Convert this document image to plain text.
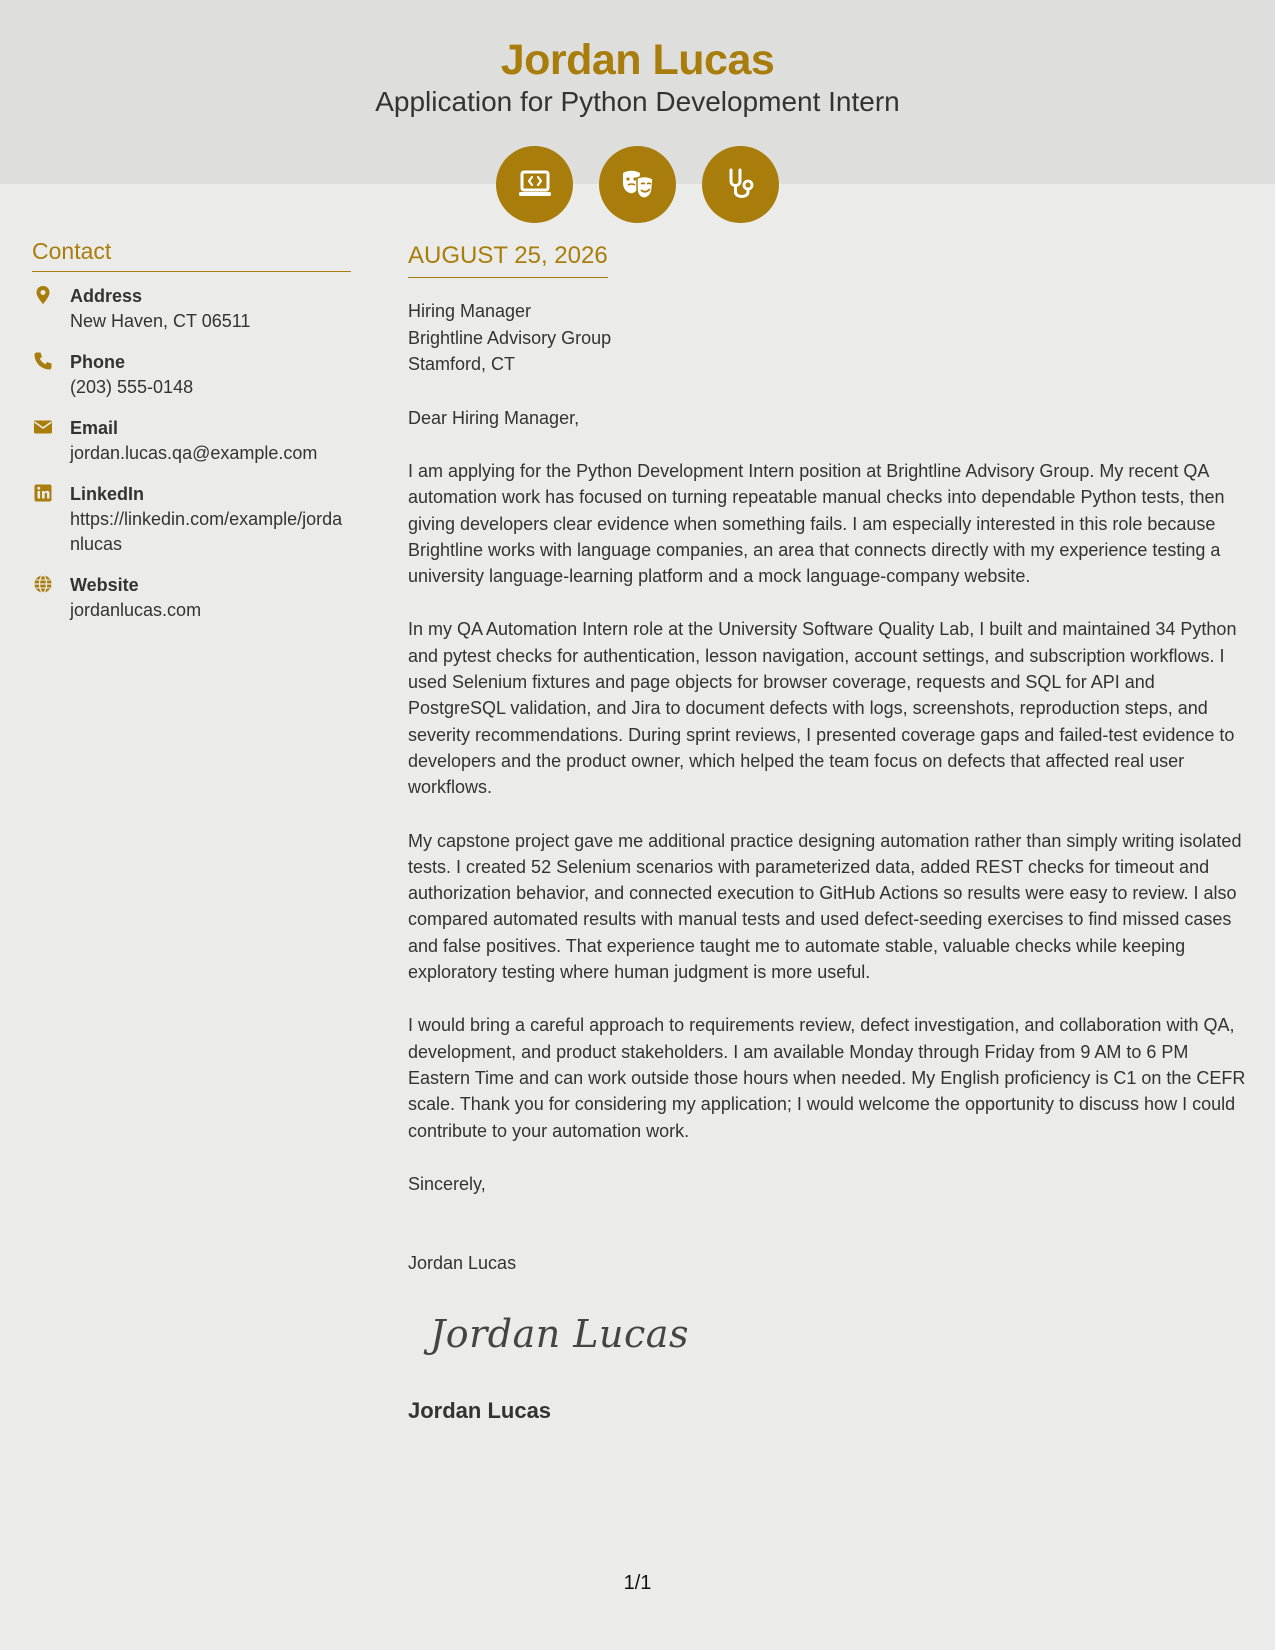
Jordan Lucas
Application for Python Development Intern
Contact
Address
New Haven, CT 06511
Phone
(203) 555-0148
Email
jordan.lucas.qa@example.com
LinkedIn
https://linkedin.com/example/jordanlucas
Website
jordanlucas.com
AUGUST 25, 2026
Hiring Manager
Brightline Advisory Group
Stamford, CT
Dear Hiring Manager,
I am applying for the Python Development Intern position at Brightline Advisory Group. My recent QA automation work has focused on turning repeatable manual checks into dependable Python tests, then giving developers clear evidence when something fails. I am especially interested in this role because Brightline works with language companies, an area that connects directly with my experience testing a university language-learning platform and a mock language-company website.
In my QA Automation Intern role at the University Software Quality Lab, I built and maintained 34 Python and pytest checks for authentication, lesson navigation, account settings, and subscription workflows. I used Selenium fixtures and page objects for browser coverage, requests and SQL for API and PostgreSQL validation, and Jira to document defects with logs, screenshots, reproduction steps, and severity recommendations. During sprint reviews, I presented coverage gaps and failed-test evidence to developers and the product owner, which helped the team focus on defects that affected real user workflows.
My capstone project gave me additional practice designing automation rather than simply writing isolated tests. I created 52 Selenium scenarios with parameterized data, added REST checks for timeout and authorization behavior, and connected execution to GitHub Actions so results were easy to review. I also compared automated results with manual tests and used defect-seeding exercises to find missed cases and false positives. That experience taught me to automate stable, valuable checks while keeping exploratory testing where human judgment is more useful.
I would bring a careful approach to requirements review, defect investigation, and collaboration with QA, development, and product stakeholders. I am available Monday through Friday from 9 AM to 6 PM Eastern Time and can work outside those hours when needed. My English proficiency is C1 on the CEFR scale. Thank you for considering my application; I would welcome the opportunity to discuss how I could contribute to your automation work.
Sincerely,
Jordan Lucas
Jordan Lucas
Jordan Lucas
1/1
